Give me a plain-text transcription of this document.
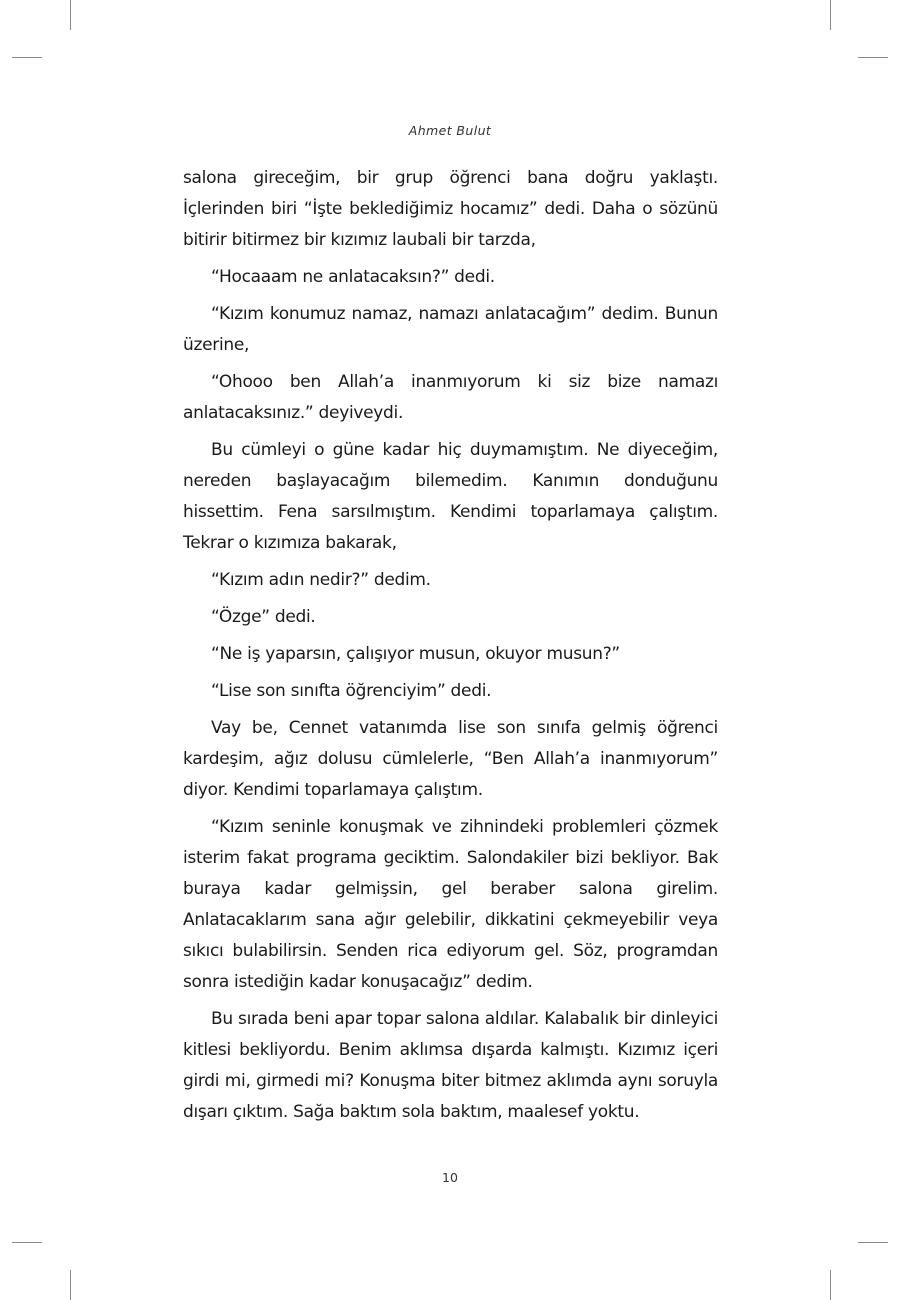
Ahmet Bulut

salona gireceğim, bir grup öğrenci bana doğru yaklaştı. İçlerinden biri “İşte beklediğimiz hocamız” dedi. Daha o sözünü bitirir bitirmez bir kızımız laubali bir tarzda,

“Hocaaam ne anlatacaksın?” dedi.

“Kızım konumuz namaz, namazı anlatacağım” dedim. Bunun üzerine,

“Ohooo ben Allah’a inanmıyorum ki siz bize namazı anlatacaksınız.” deyiveydi.

Bu cümleyi o güne kadar hiç duymamıştım. Ne diyeceğim, nereden başlayacağım bilemedim. Kanımın donduğunu hissettim. Fena sarsılmıştım. Kendimi toparlamaya çalıştım. Tekrar o kızımıza bakarak,

“Kızım adın nedir?” dedim.

“Özge” dedi.

“Ne iş yaparsın, çalışıyor musun, okuyor musun?”

“Lise son sınıfta öğrenciyim” dedi.

Vay be, Cennet vatanımda lise son sınıfa gelmiş öğrenci kardeşim, ağız dolusu cümlelerle, “Ben Allah’a inanmıyorum” diyor. Kendimi toparlamaya çalıştım.

“Kızım seninle konuşmak ve zihnindeki problemleri çözmek isterim fakat programa geciktim. Salondakiler bizi bekliyor. Bak buraya kadar gelmişsin, gel beraber salona girelim. Anlatacaklarım sana ağır gelebilir, dikkatini çekmeyebilir veya sıkıcı bulabilirsin. Senden rica ediyorum gel. Söz, programdan sonra istediğin kadar konuşacağız” dedim.

Bu sırada beni apar topar salona aldılar. Kalabalık bir dinleyici kitlesi bekliyordu. Benim aklımsa dışarda kalmıştı. Kızımız içeri girdi mi, girmedi mi? Konuşma biter bitmez aklımda aynı soruyla dışarı çıktım. Sağa baktım sola baktım, maalesef yoktu.

10
